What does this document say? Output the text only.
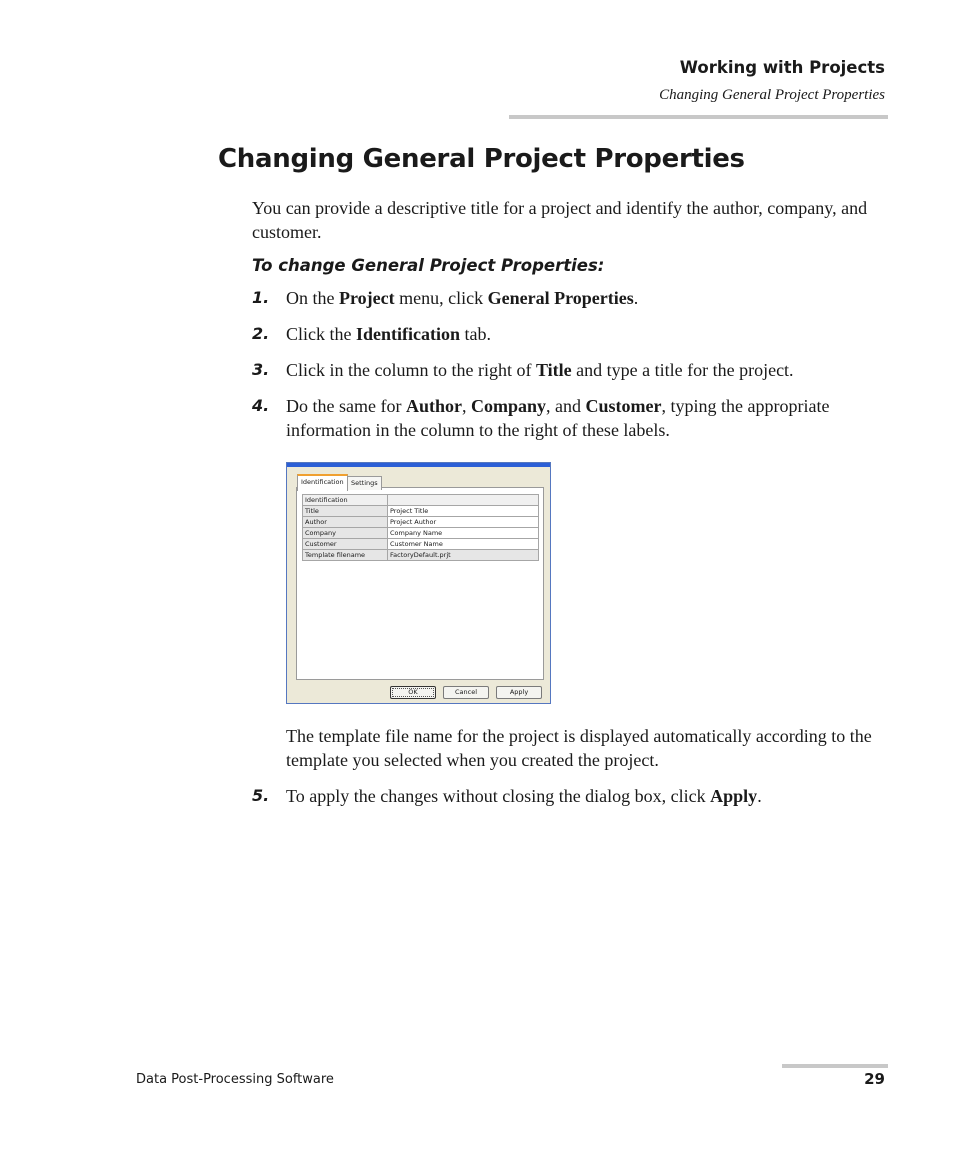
Working with Projects
Changing General Project Properties
Changing General Project Properties

You can provide a descriptive title for a project and identify the author, company, and customer.

To change General Project Properties:
1. On the Project menu, click General Properties.
2. Click the Identification tab.
3. Click in the column to the right of Title and type a title for the project.
4. Do the same for Author, Company, and Customer, typing the appropriate information in the column to the right of these labels.
Identification	Settings
Identification	
Title	Project Title
Author	Project Author
Company	Company Name
Customer	Customer Name
Template filename	FactoryDefault.prjt
OK	Cancel	Apply

The template file name for the project is displayed automatically according to the template you selected when you created the project.

5. To apply the changes without closing the dialog box, click Apply.
Data Post-Processing Software	29
